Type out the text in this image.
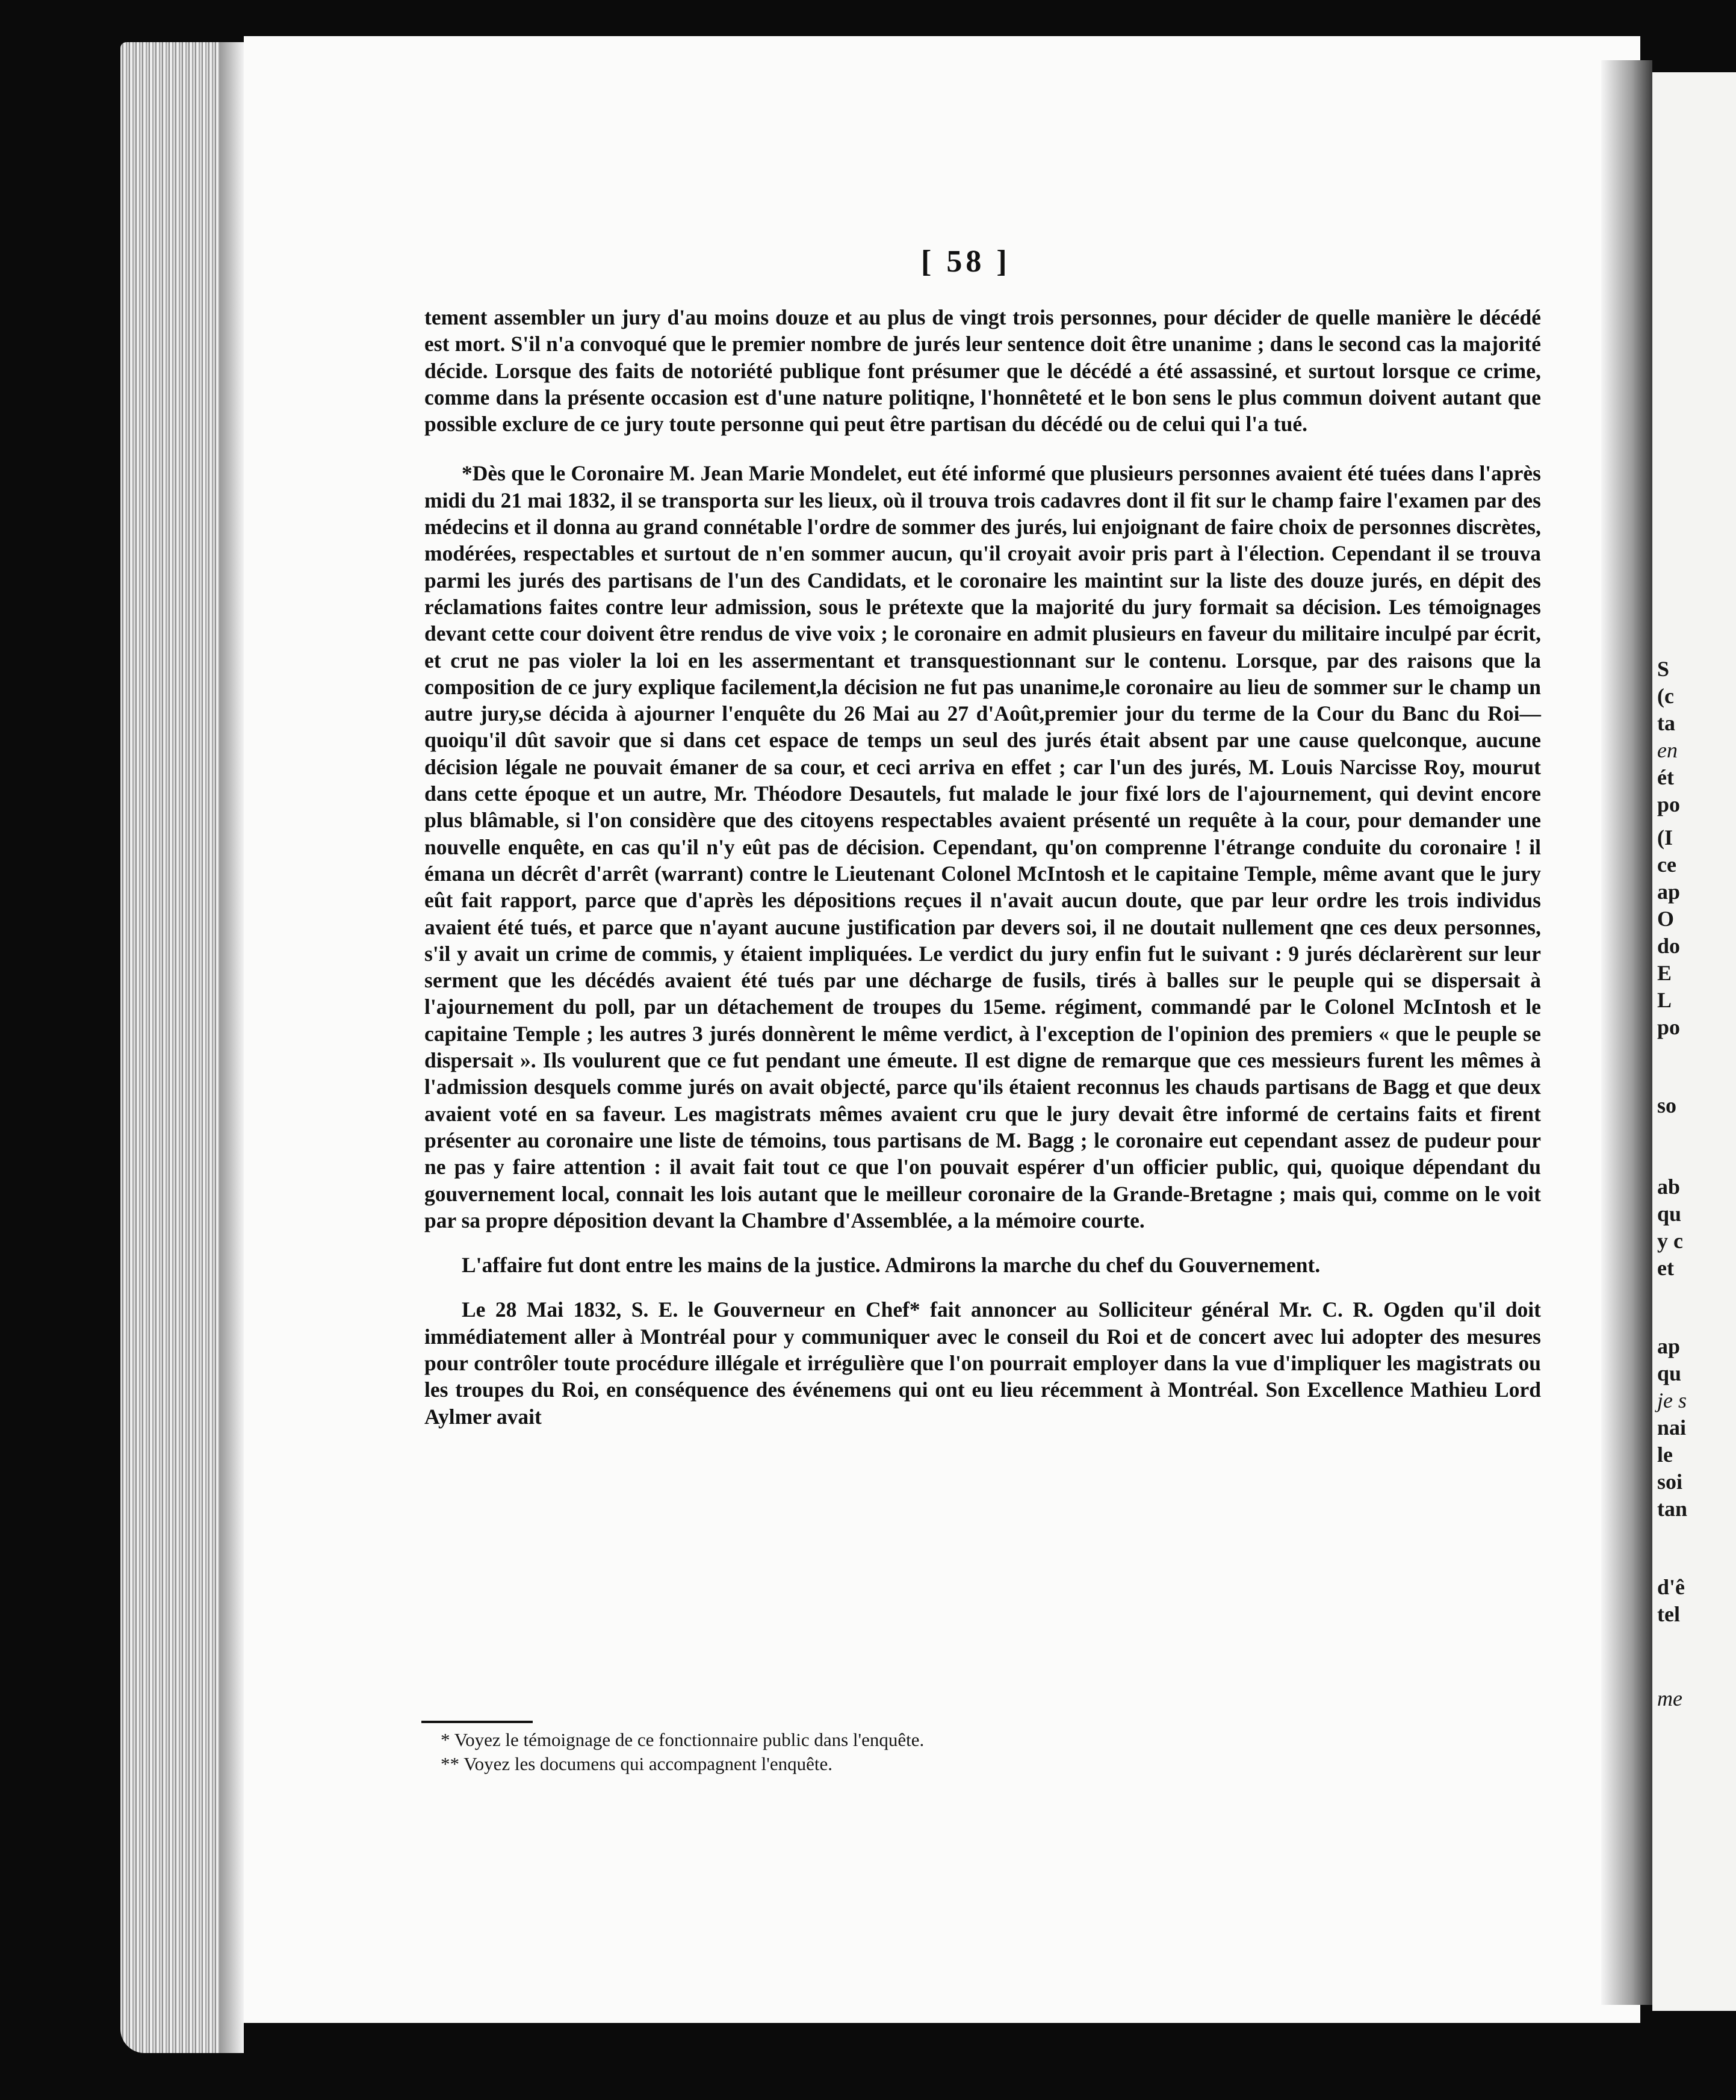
S
(c
ta
en
ét
po
(I
ce
ap
O
do
E
L
po
so
ab
qu
y c
et
ap
qu
je s
nai
le
soi
tan
d'ê
tel
me
[ 58 ]

tement assembler un jury d'au moins douze et au plus de vingt trois personnes, pour décider de quelle manière le décédé est mort. S'il n'a convoqué que le premier nombre de jurés leur sentence doit être unanime ; dans le second cas la majorité décide. Lorsque des faits de notoriété publique font présumer que le décédé a été assassiné, et surtout lorsque ce crime, comme dans la présente occasion est d'une nature politiqne, l'honnêteté et le bon sens le plus commun doivent autant que possible exclure de ce jury toute personne qui peut être partisan du décédé ou de celui qui l'a tué.

*Dès que le Coronaire M. Jean Marie Mondelet, eut été informé que plusieurs personnes avaient été tuées dans l'après midi du 21 mai 1832, il se transporta sur les lieux, où il trouva trois cadavres dont il fit sur le champ faire l'examen par des médecins et il donna au grand connétable l'ordre de sommer des jurés, lui enjoignant de faire choix de personnes discrètes, modérées, respectables et surtout de n'en sommer aucun, qu'il croyait avoir pris part à l'élection. Cependant il se trouva parmi les jurés des partisans de l'un des Candidats, et le coronaire les maintint sur la liste des douze jurés, en dépit des réclamations faites contre leur admission, sous le prétexte que la majorité du jury formait sa décision. Les témoignages devant cette cour doivent être rendus de vive voix ; le coronaire en admit plusieurs en faveur du militaire inculpé par écrit, et crut ne pas violer la loi en les assermentant et transquestionnant sur le contenu. Lorsque, par des raisons que la composition de ce jury explique facilement,la décision ne fut pas unanime,le coronaire au lieu de sommer sur le champ un autre jury,se décida à ajourner l'enquête du 26 Mai au 27 d'Août,premier jour du terme de la Cour du Banc du Roi—quoiqu'il dût savoir que si dans cet espace de temps un seul des jurés était absent par une cause quelconque, aucune décision légale ne pouvait émaner de sa cour, et ceci arriva en effet ; car l'un des jurés, M. Louis Narcisse Roy, mourut dans cette époque et un autre, Mr. Théodore Desautels, fut malade le jour fixé lors de l'ajournement, qui devint encore plus blâmable, si l'on considère que des citoyens respectables avaient présenté un requête à la cour, pour demander une nouvelle enquête, en cas qu'il n'y eût pas de décision. Cependant, qu'on comprenne l'étrange conduite du coronaire ! il émana un décrêt d'arrêt (warrant) contre le Lieutenant Colonel McIntosh et le capitaine Temple, même avant que le jury eût fait rapport, parce que d'après les dépositions reçues il n'avait aucun doute, que par leur ordre les trois individus avaient été tués, et parce que n'ayant aucune justification par devers soi, il ne doutait nullement qne ces deux personnes, s'il y avait un crime de commis, y étaient impliquées. Le verdict du jury enfin fut le suivant : 9 jurés déclarèrent sur leur serment que les décédés avaient été tués par une décharge de fusils, tirés à balles sur le peuple qui se dispersait à l'ajournement du poll, par un détachement de troupes du 15eme. régiment, commandé par le Colonel McIntosh et le capitaine Temple ; les autres 3 jurés donnèrent le même verdict, à l'exception de l'opinion des premiers « que le peuple se dispersait ». Ils voulurent que ce fut pendant une émeute. Il est digne de remarque que ces messieurs furent les mêmes à l'admission desquels comme jurés on avait objecté, parce qu'ils étaient reconnus les chauds partisans de Bagg et que deux avaient voté en sa faveur. Les magistrats mêmes avaient cru que le jury devait être informé de certains faits et firent présenter au coronaire une liste de témoins, tous partisans de M. Bagg ; le coronaire eut cependant assez de pudeur pour ne pas y faire attention : il avait fait tout ce que l'on pouvait espérer d'un officier public, qui, quoique dépendant du gouvernement local, connait les lois autant que le meilleur coronaire de la Grande-Bretagne ; mais qui, comme on le voit par sa propre déposition devant la Chambre d'Assemblée, a la mémoire courte.

L'affaire fut dont entre les mains de la justice. Admirons la marche du chef du Gouvernement.

Le 28 Mai 1832, S. E. le Gouverneur en Chef* fait annoncer au Solliciteur général Mr. C. R. Ogden qu'il doit immédiatement aller à Montréal pour y communiquer avec le conseil du Roi et de concert avec lui adopter des mesures pour contrôler toute procédure illégale et irrégulière que l'on pourrait employer dans la vue d'impliquer les magistrats ou les troupes du Roi, en conséquence des événemens qui ont eu lieu récemment à Montréal. Son Excellence Mathieu Lord Aylmer avait

* Voyez le témoignage de ce fonctionnaire public dans l'enquête.
** Voyez les documens qui accompagnent l'enquête.
